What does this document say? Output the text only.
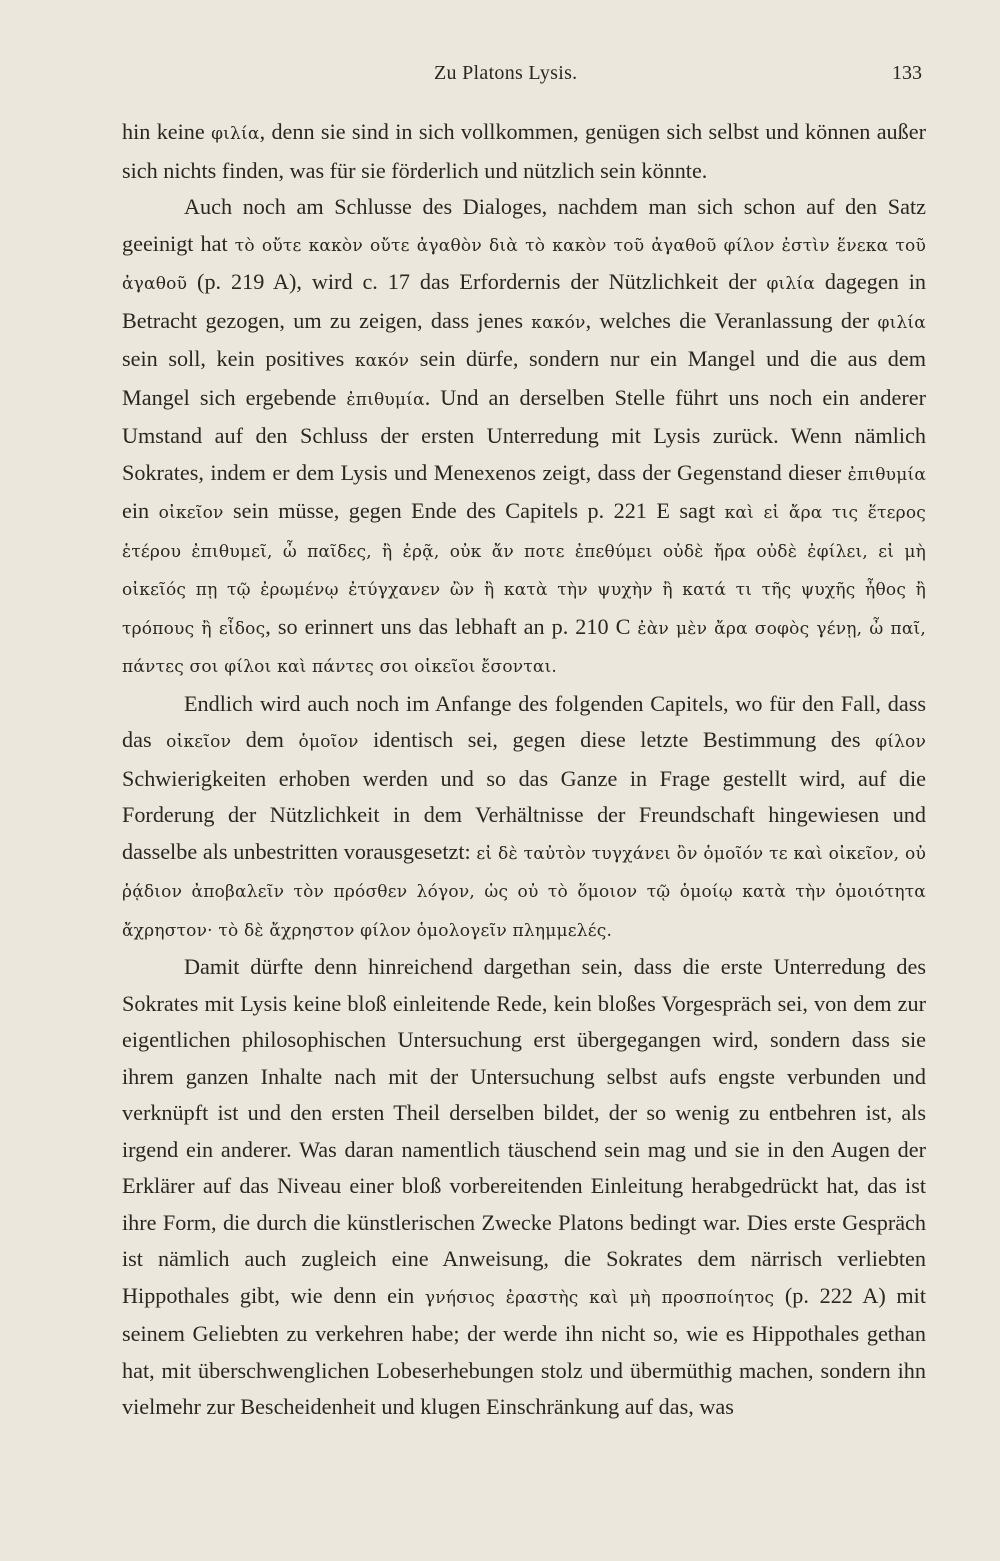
Zu Platons Lysis.	133

hin keine φιλία, denn sie sind in sich vollkommen, genügen sich selbst und können außer sich nichts finden, was für sie förderlich und nützlich sein könnte.

Auch noch am Schlusse des Dialoges, nachdem man sich schon auf den Satz geeinigt hat τὸ οὔτε κακὸν οὔτε ἀγαθὸν διὰ τὸ κακὸν τοῦ ἀγαθοῦ φίλον ἐστὶν ἕνεκα τοῦ ἀγαθοῦ (p. 219 A), wird c. 17 das Erfordernis der Nützlichkeit der φιλία dagegen in Betracht gezogen, um zu zeigen, dass jenes κακόν, welches die Veranlassung der φιλία sein soll, kein positives κακόν sein dürfe, sondern nur ein Mangel und die aus dem Mangel sich ergebende ἐπιθυμία. Und an derselben Stelle führt uns noch ein anderer Umstand auf den Schluss der ersten Unterredung mit Lysis zurück. Wenn nämlich Sokrates, indem er dem Lysis und Menexenos zeigt, dass der Gegenstand dieser ἐπιθυμία ein οἰκεῖον sein müsse, gegen Ende des Capitels p. 221 E sagt καὶ εἰ ἄρα τις ἕτερος ἑτέρου ἐπιθυμεῖ, ὦ παῖδες, ἢ ἐρᾷ, οὐκ ἄν ποτε ἐπεθύμει οὐδὲ ἤρα οὐδὲ ἐφίλει, εἰ μὴ οἰκεῖός πῃ τῷ ἐρωμένῳ ἐτύγχανεν ὢν ἢ κατὰ τὴν ψυχὴν ἢ κατά τι τῆς ψυχῆς ἦθος ἢ τρόπους ἢ εἶδος, so erinnert uns das lebhaft an p. 210 C ἐὰν μὲν ἄρα σοφὸς γένῃ, ὦ παῖ, πάντες σοι φίλοι καὶ πάντες σοι οἰκεῖοι ἔσονται.

Endlich wird auch noch im Anfange des folgenden Capitels, wo für den Fall, dass das οἰκεῖον dem ὁμοῖον identisch sei, gegen diese letzte Bestimmung des φίλον Schwierigkeiten erhoben werden und so das Ganze in Frage gestellt wird, auf die Forderung der Nützlichkeit in dem Verhältnisse der Freundschaft hingewiesen und dasselbe als unbestritten vorausgesetzt: εἰ δὲ ταὐτὸν τυγχάνει ὂν ὁμοῖόν τε καὶ οἰκεῖον, οὐ ῥᾴδιον ἀποβαλεῖν τὸν πρόσθεν λόγον, ὡς οὐ τὸ ὅμοιον τῷ ὁμοίῳ κατὰ τὴν ὁμοιότητα ἄχρηστον· τὸ δὲ ἄχρηστον φίλον ὁμολογεῖν πλημμελές.

Damit dürfte denn hinreichend dargethan sein, dass die erste Unterredung des Sokrates mit Lysis keine bloß einleitende Rede, kein bloßes Vorgespräch sei, von dem zur eigentlichen philosophischen Untersuchung erst übergegangen wird, sondern dass sie ihrem ganzen Inhalte nach mit der Untersuchung selbst aufs engste verbunden und verknüpft ist und den ersten Theil derselben bildet, der so wenig zu entbehren ist, als irgend ein anderer. Was daran namentlich täuschend sein mag und sie in den Augen der Erklärer auf das Niveau einer bloß vorbereitenden Einleitung herabgedrückt hat, das ist ihre Form, die durch die künstlerischen Zwecke Platons bedingt war. Dies erste Gespräch ist nämlich auch zugleich eine Anweisung, die Sokrates dem närrisch verliebten Hippothales gibt, wie denn ein γνήσιος ἐραστὴς καὶ μὴ προσποίητος (p. 222 A) mit seinem Geliebten zu verkehren habe; der werde ihn nicht so, wie es Hippothales gethan hat, mit überschwenglichen Lobeserhebungen stolz und übermüthig machen, sondern ihn vielmehr zur Bescheidenheit und klugen Einschränkung auf das, was
